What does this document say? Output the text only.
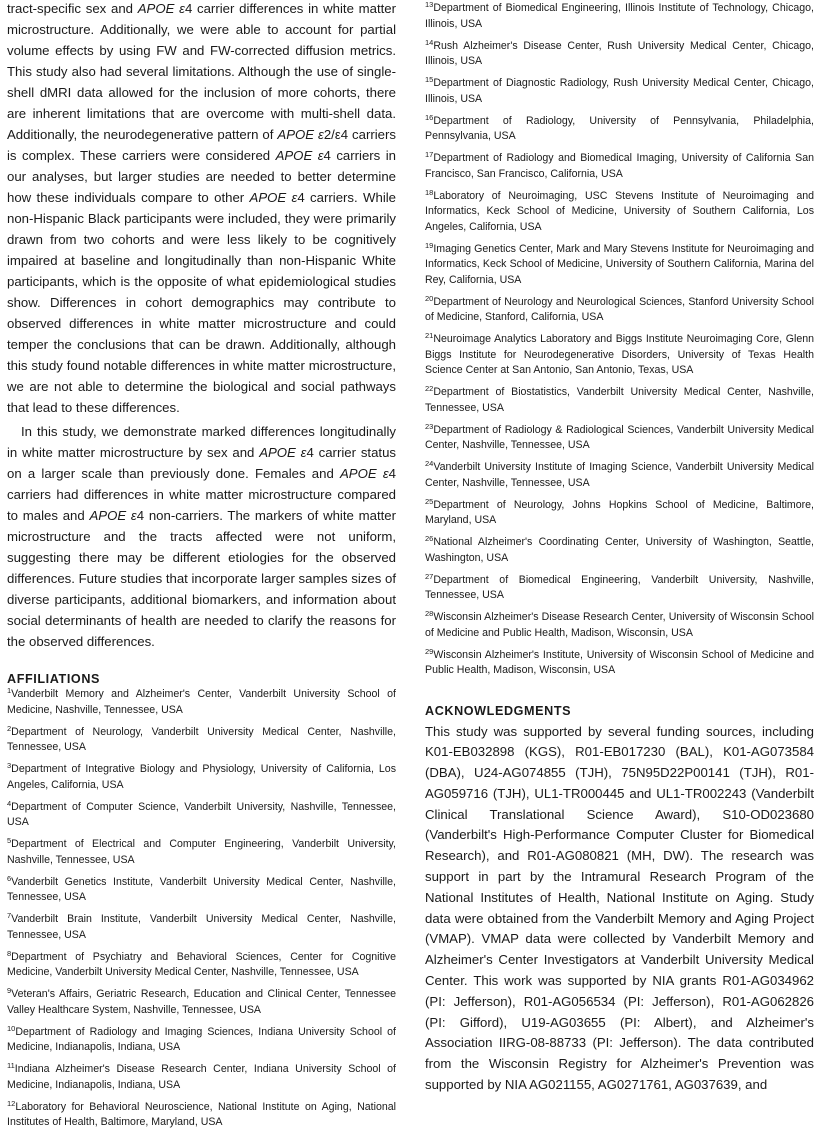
tract-specific sex and APOE ε4 carrier differences in white matter microstructure. Additionally, we were able to account for partial volume effects by using FW and FW-corrected diffusion metrics. This study also had several limitations. Although the use of single-shell dMRI data allowed for the inclusion of more cohorts, there are inherent limitations that are overcome with multi-shell data. Additionally, the neurodegenerative pattern of APOE ε2/ε4 carriers is complex. These carriers were considered APOE ε4 carriers in our analyses, but larger studies are needed to better determine how these individuals compare to other APOE ε4 carriers. While non-Hispanic Black participants were included, they were primarily drawn from two cohorts and were less likely to be cognitively impaired at baseline and longitudinally than non-Hispanic White participants, which is the opposite of what epidemiological studies show. Differences in cohort demographics may contribute to observed differences in white matter microstructure and could temper the conclusions that can be drawn. Additionally, although this study found notable differences in white matter microstructure, we are not able to determine the biological and social pathways that lead to these differences.

In this study, we demonstrate marked differences longitudinally in white matter microstructure by sex and APOE ε4 carrier status on a larger scale than previously done. Females and APOE ε4 carriers had differences in white matter microstructure compared to males and APOE ε4 non-carriers. The markers of white matter microstructure and the tracts affected were not uniform, suggesting there may be different etiologies for the observed differences. Future studies that incorporate larger samples sizes of diverse participants, additional biomarkers, and information about social determinants of health are needed to clarify the reasons for the observed differences.

AFFILIATIONS

$^1$Vanderbilt Memory and Alzheimer's Center, Vanderbilt University School of Medicine, Nashville, Tennessee, USA

$^2$Department of Neurology, Vanderbilt University Medical Center, Nashville, Tennessee, USA

$^3$Department of Integrative Biology and Physiology, University of California, Los Angeles, California, USA

$^4$Department of Computer Science, Vanderbilt University, Nashville, Tennessee, USA

$^5$Department of Electrical and Computer Engineering, Vanderbilt University, Nashville, Tennessee, USA

$^6$Vanderbilt Genetics Institute, Vanderbilt University Medical Center, Nashville, Tennessee, USA

$^7$Vanderbilt Brain Institute, Vanderbilt University Medical Center, Nashville, Tennessee, USA

$^8$Department of Psychiatry and Behavioral Sciences, Center for Cognitive Medicine, Vanderbilt University Medical Center, Nashville, Tennessee, USA

$^9$Veteran's Affairs, Geriatric Research, Education and Clinical Center, Tennessee Valley Healthcare System, Nashville, Tennessee, USA

$^{10}$Department of Radiology and Imaging Sciences, Indiana University School of Medicine, Indianapolis, Indiana, USA

$^{11}$Indiana Alzheimer's Disease Research Center, Indiana University School of Medicine, Indianapolis, Indiana, USA

$^{12}$Laboratory for Behavioral Neuroscience, National Institute on Aging, National Institutes of Health, Baltimore, Maryland, USA

$^{13}$Department of Biomedical Engineering, Illinois Institute of Technology, Chicago, Illinois, USA

$^{14}$Rush Alzheimer's Disease Center, Rush University Medical Center, Chicago, Illinois, USA

$^{15}$Department of Diagnostic Radiology, Rush University Medical Center, Chicago, Illinois, USA

$^{16}$Department of Radiology, University of Pennsylvania, Philadelphia, Pennsylvania, USA

$^{17}$Department of Radiology and Biomedical Imaging, University of California San Francisco, San Francisco, California, USA

$^{18}$Laboratory of Neuroimaging, USC Stevens Institute of Neuroimaging and Informatics, Keck School of Medicine, University of Southern California, Los Angeles, California, USA

$^{19}$Imaging Genetics Center, Mark and Mary Stevens Institute for Neuroimaging and Informatics, Keck School of Medicine, University of Southern California, Marina del Rey, California, USA

$^{20}$Department of Neurology and Neurological Sciences, Stanford University School of Medicine, Stanford, California, USA

$^{21}$Neuroimage Analytics Laboratory and Biggs Institute Neuroimaging Core, Glenn Biggs Institute for Neurodegenerative Disorders, University of Texas Health Science Center at San Antonio, San Antonio, Texas, USA

$^{22}$Department of Biostatistics, Vanderbilt University Medical Center, Nashville, Tennessee, USA

$^{23}$Department of Radiology & Radiological Sciences, Vanderbilt University Medical Center, Nashville, Tennessee, USA

$^{24}$Vanderbilt University Institute of Imaging Science, Vanderbilt University Medical Center, Nashville, Tennessee, USA

$^{25}$Department of Neurology, Johns Hopkins School of Medicine, Baltimore, Maryland, USA

$^{26}$National Alzheimer's Coordinating Center, University of Washington, Seattle, Washington, USA

$^{27}$Department of Biomedical Engineering, Vanderbilt University, Nashville, Tennessee, USA

$^{28}$Wisconsin Alzheimer's Disease Research Center, University of Wisconsin School of Medicine and Public Health, Madison, Wisconsin, USA

$^{29}$Wisconsin Alzheimer's Institute, University of Wisconsin School of Medicine and Public Health, Madison, Wisconsin, USA

ACKNOWLEDGMENTS

This study was supported by several funding sources, including K01-EB032898 (KGS), R01-EB017230 (BAL), K01-AG073584 (DBA), U24-AG074855 (TJH), 75N95D22P00141 (TJH), R01-AG059716 (TJH), UL1-TR000445 and UL1-TR002243 (Vanderbilt Clinical Translational Science Award), S10-OD023680 (Vanderbilt's High-Performance Computer Cluster for Biomedical Research), and R01-AG080821 (MH, DW). The research was support in part by the Intramural Research Program of the National Institutes of Health, National Institute on Aging. Study data were obtained from the Vanderbilt Memory and Aging Project (VMAP). VMAP data were collected by Vanderbilt Memory and Alzheimer's Center Investigators at Vanderbilt University Medical Center. This work was supported by NIA grants R01-AG034962 (PI: Jefferson), R01-AG056534 (PI: Jefferson), R01-AG062826 (PI: Gifford), U19-AG03655 (PI: Albert), and Alzheimer's Association IIRG-08-88733 (PI: Jefferson). The data contributed from the Wisconsin Registry for Alzheimer's Prevention was supported by NIA AG021155, AG0271761, AG037639, and
